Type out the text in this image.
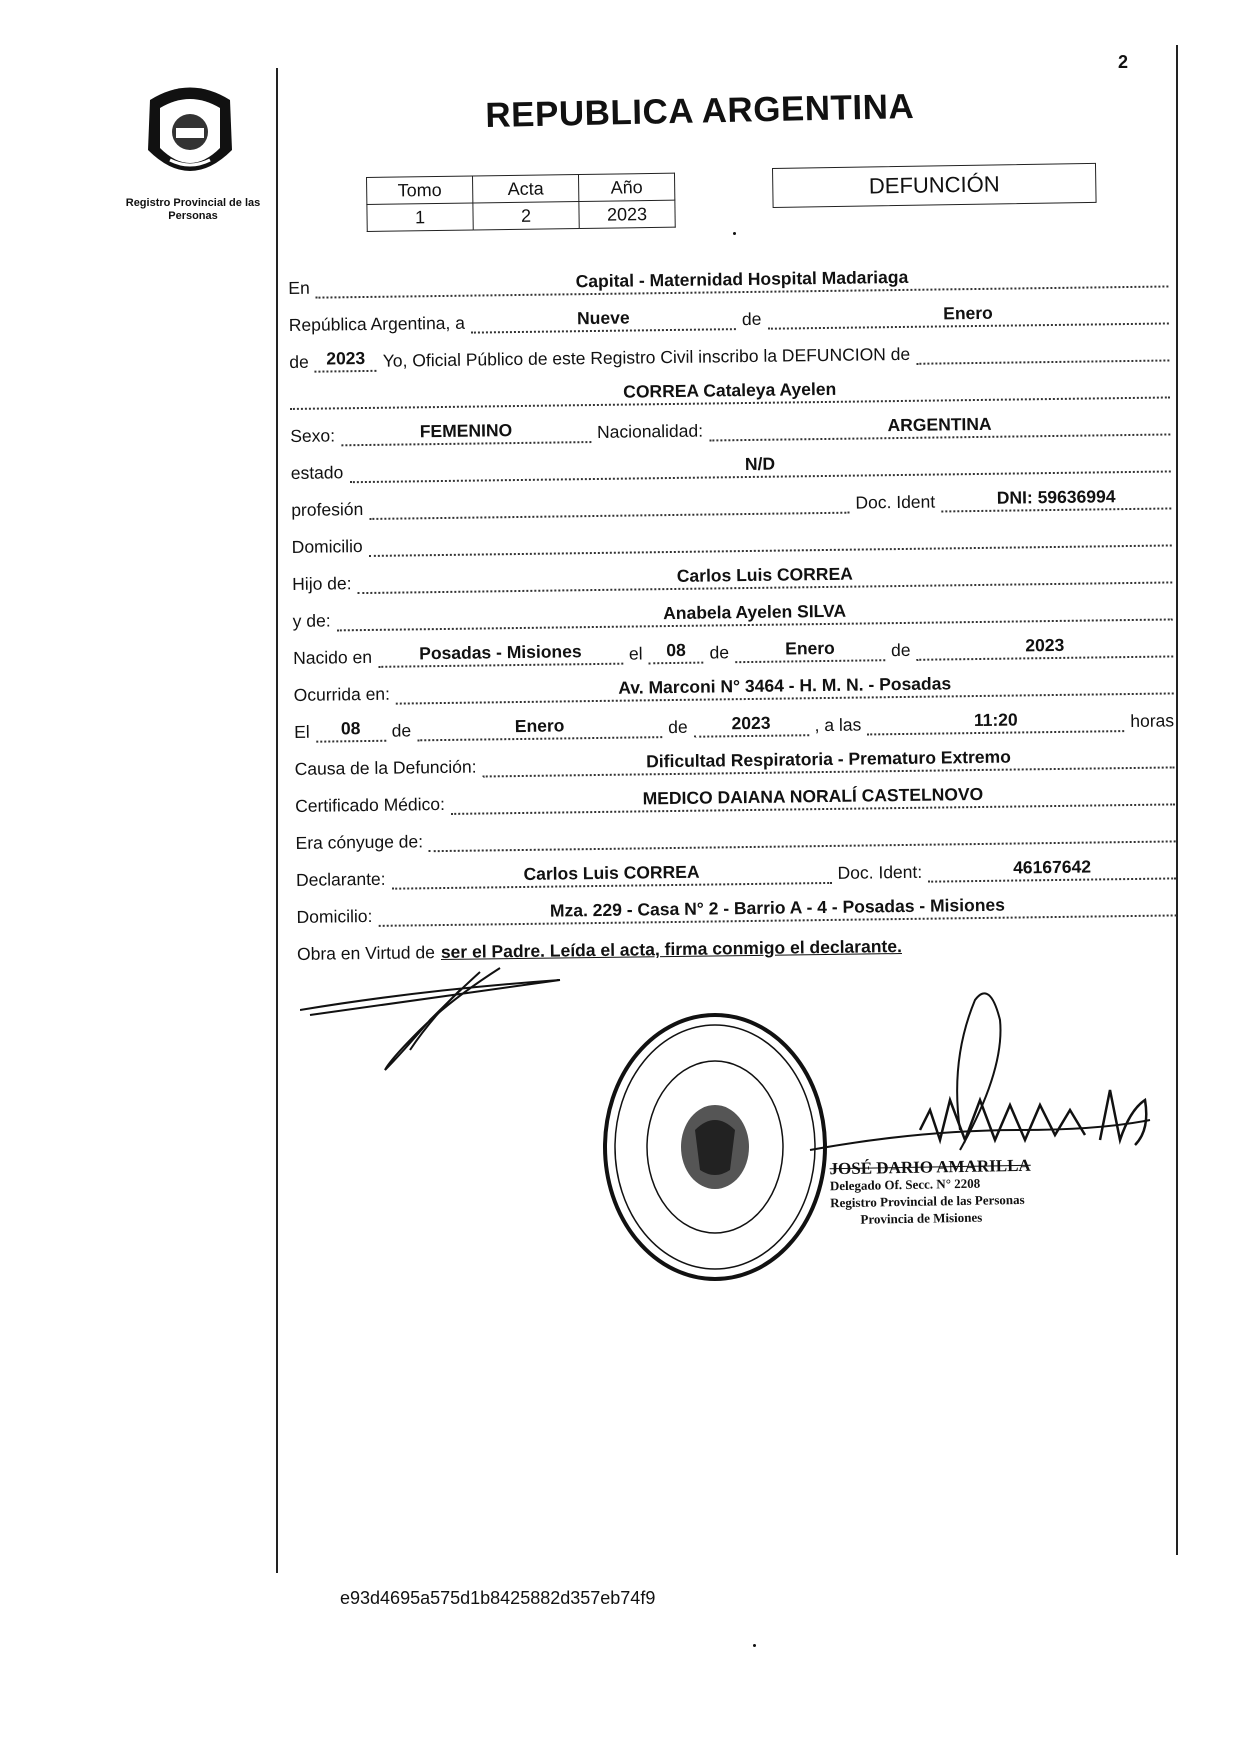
2
Registro Provincial de las Personas
REPUBLICA ARGENTINA
Tomo	Acta	Año
1	2	2023
DEFUNCIÓN
En	Capital - Maternidad Hospital Madariaga
República Argentina, a	Nueve	de	Enero
de 2023 Yo, Oficial Público de este Registro Civil inscribo la DEFUNCION de
CORREA Cataleya Ayelen
Sexo:	FEMENINO	Nacionalidad:	ARGENTINA
estado	N/D
profesión	Doc. Ident	DNI: 59636994
Domicilio
Hijo de:	Carlos Luis CORREA
y de:	Anabela Ayelen SILVA
Nacido en	Posadas - Misiones	el	08	de	Enero	de	2023
Ocurrida en:	Av. Marconi N° 3464 - H. M. N. - Posadas
El	08	de	Enero	de	2023	, a las	11:20	horas
Causa de la Defunción:	Dificultad Respiratoria - Prematuro Extremo
Certificado Médico:	MEDICO DAIANA NORALÍ CASTELNOVO
Era cónyuge de:
Declarante:	Carlos Luis CORREA	Doc. Ident:	46167642
Domicilio:	Mza. 229 - Casa N° 2 - Barrio A - 4 - Posadas - Misiones
Obra en Virtud de ser el Padre. Leída el acta, firma conmigo el declarante.
JOSÉ DARIO AMARILLA
Delegado Of. Secc. N° 2208
Registro Provincial de las Personas
Provincia de Misiones
e93d4695a575d1b8425882d357eb74f9
